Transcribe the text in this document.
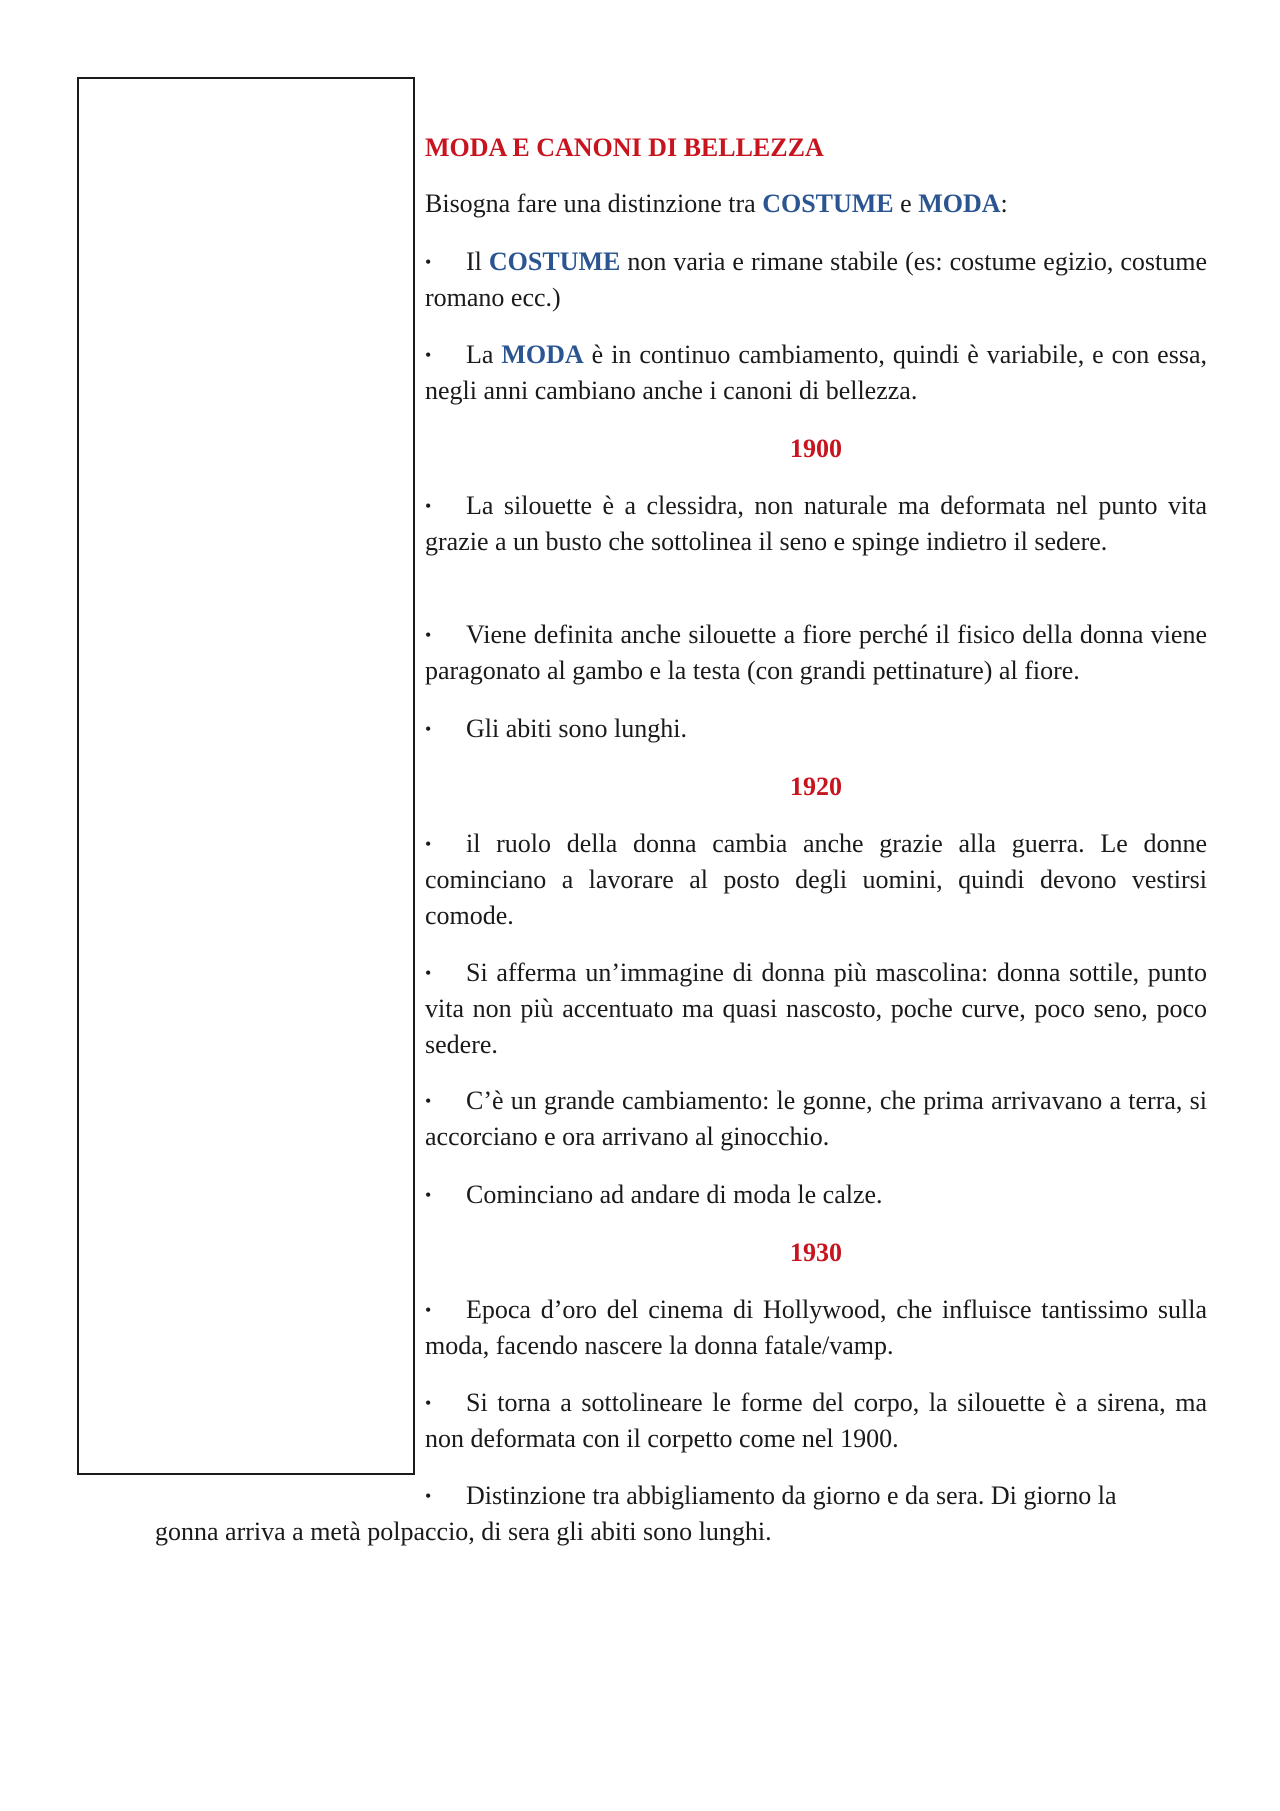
MODA E CANONI DI BELLEZZA

Bisogna fare una distinzione tra COSTUME e MODA:

• Il COSTUME non varia e rimane stabile (es: costume egizio, costume romano ecc.)

• La MODA è in continuo cambiamento, quindi è variabile, e con essa, negli anni cambiano anche i canoni di bellezza.

1900

• La silouette è a clessidra, non naturale ma deformata nel punto vita grazie a un busto che sottolinea il seno e spinge indietro il sedere.

• Viene definita anche silouette a fiore perché il fisico della donna viene paragonato al gambo e la testa (con grandi pettinature) al fiore.

• Gli abiti sono lunghi.

1920

• il ruolo della donna cambia anche grazie alla guerra. Le donne cominciano a lavorare al posto degli uomini, quindi devono vestirsi comode.

• Si afferma un’immagine di donna più mascolina: donna sottile, punto vita non più accentuato ma quasi nascosto, poche curve, poco seno, poco sedere.

• C’è un grande cambiamento: le gonne, che prima arrivavano a terra, si accorciano e ora arrivano al ginocchio.

• Cominciano ad andare di moda le calze.

1930

• Epoca d’oro del cinema di Hollywood, che influisce tantissimo sulla moda, facendo nascere la donna fatale/vamp.

• Si torna a sottolineare le forme del corpo, la silouette è a sirena, ma non deformata con il corpetto come nel 1900.

• Distinzione tra abbigliamento da giorno e da sera. Di giorno la
gonna arriva a metà polpaccio, di sera gli abiti sono lunghi.
